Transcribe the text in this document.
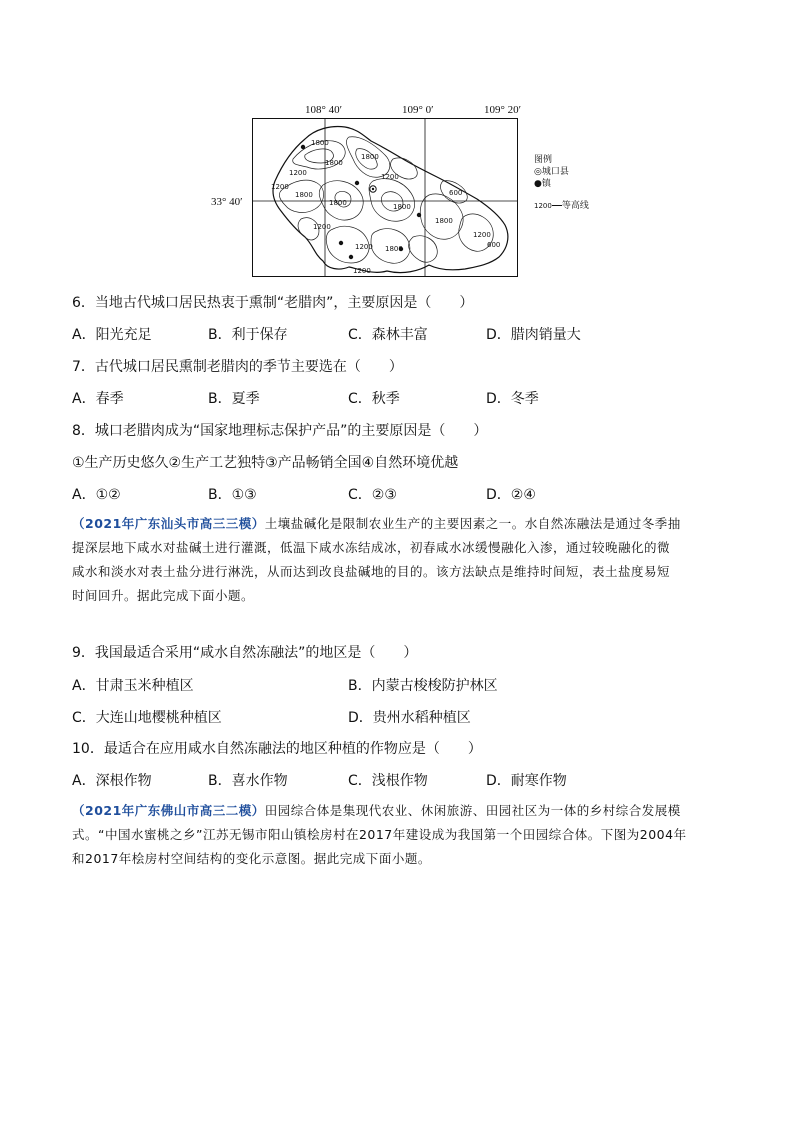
108° 40′	109° 0′	109° 20′
33° 40′
1800
1800
1200
1800
1800
1800
1200
1200
1800
1200
1800
1200
1200	600
600
1800
1200
图例
◎城口县
●镇
1200 等高线
6．当地古代城口居民热衷于熏制“老腊肉”，主要原因是（　　）
A．阳光充足	B．利于保存	C．森林丰富	D．腊肉销量大
7．古代城口居民熏制老腊肉的季节主要选在（　　）
A．春季	B．夏季	C．秋季	D．冬季
8．城口老腊肉成为“国家地理标志保护产品”的主要原因是（　　）
①生产历史悠久②生产工艺独特③产品畅销全国④自然环境优越
A．①②	B．①③	C．②③	D．②④
（2021年广东汕头市高三三模）土壤盐碱化是限制农业生产的主要因素之一。水自然冻融法是通过冬季抽
提深层地下咸水对盐碱土进行灌溉，低温下咸水冻结成冰，初春咸水冰缓慢融化入渗，通过较晚融化的微
咸水和淡水对表土盐分进行淋洗，从而达到改良盐碱地的目的。该方法缺点是维持时间短，表土盐度易短
时间回升。据此完成下面小题。
9．我国最适合采用“咸水自然冻融法”的地区是（　　）
A．甘肃玉米种植区	B．内蒙古梭梭防护林区
C．大连山地樱桃种植区	D．贵州水稻种植区
10．最适合在应用咸水自然冻融法的地区种植的作物应是（　　）
A．深根作物	B．喜水作物	C．浅根作物	D．耐寒作物
（2021年广东佛山市高三二模）田园综合体是集现代农业、休闲旅游、田园社区为一体的乡村综合发展模
式。“中国水蜜桃之乡”江苏无锡市阳山镇桧房村在2017年建设成为我国第一个田园综合体。下图为2004年
和2017年桧房村空间结构的变化示意图。据此完成下面小题。
